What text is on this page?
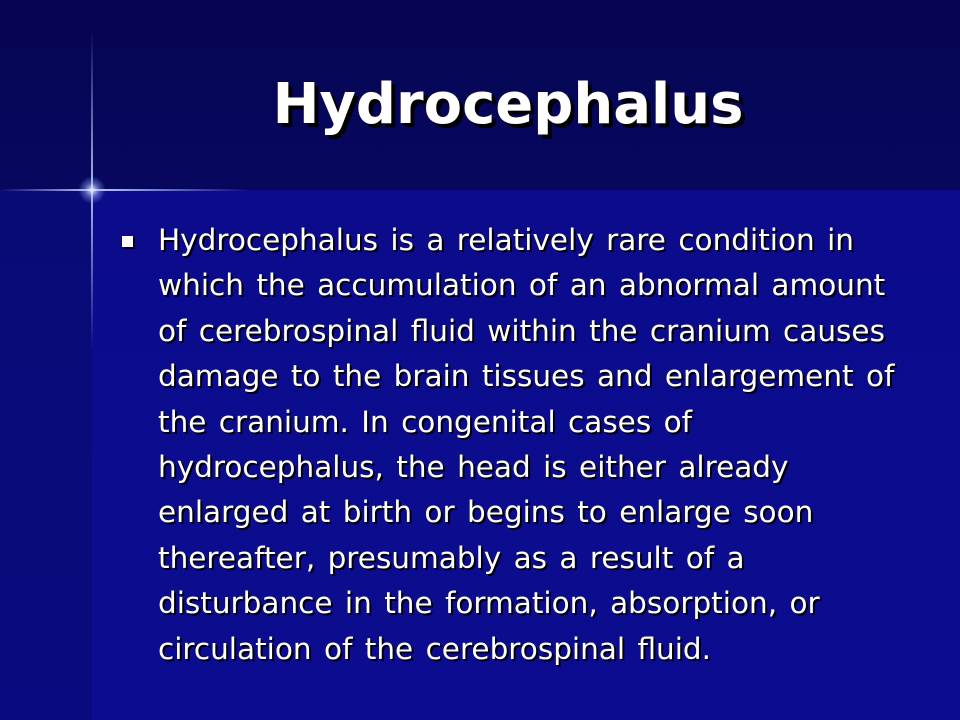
Hydrocephalus
Hydrocephalus is a relatively rare condition in which the accumulation of an abnormal amount of cerebrospinal fluid within the cranium causes damage to the brain tissues and enlargement of the cranium. In congenital cases of hydrocephalus, the head is either already enlarged at birth or begins to enlarge soon thereafter, presumably as a result of a disturbance in the formation, absorption, or circulation of the cerebrospinal fluid.
